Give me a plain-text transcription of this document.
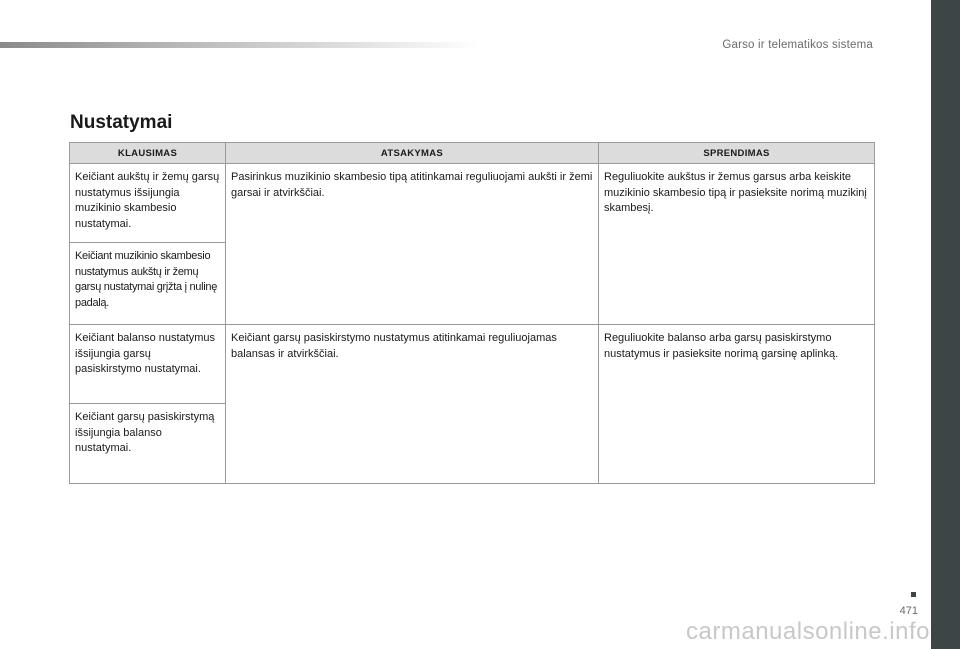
Garso ir telematikos sistema
Nustatymai
KLAUSIMAS	ATSAKYMAS	SPRENDIMAS
Keičiant aukštų ir žemų garsų nustatymus išsijungia muzikinio skambesio nustatymai.	Pasirinkus muzikinio skambesio tipą atitinkamai reguliuojami aukšti ir žemi garsai ir atvirkščiai.	Reguliuokite aukštus ir žemus garsus arba keiskite muzikinio skambesio tipą ir pasieksite norimą muzikinį skambesį.
Keičiant muzikinio skambesio nustatymus aukštų ir žemų garsų nustatymai grįžta į nulinę padalą.		
Keičiant balanso nustatymus išsijungia garsų pasiskirstymo nustatymai.	Keičiant garsų pasiskirstymo nustatymus atitinkamai reguliuojamas balansas ir atvirkščiai.	Reguliuokite balanso arba garsų pasiskirstymo nustatymus ir pasieksite norimą garsinę aplinką.
Keičiant garsų pasiskirstymą išsijungia balanso nustatymai.		
471
carmanualsonline.info
